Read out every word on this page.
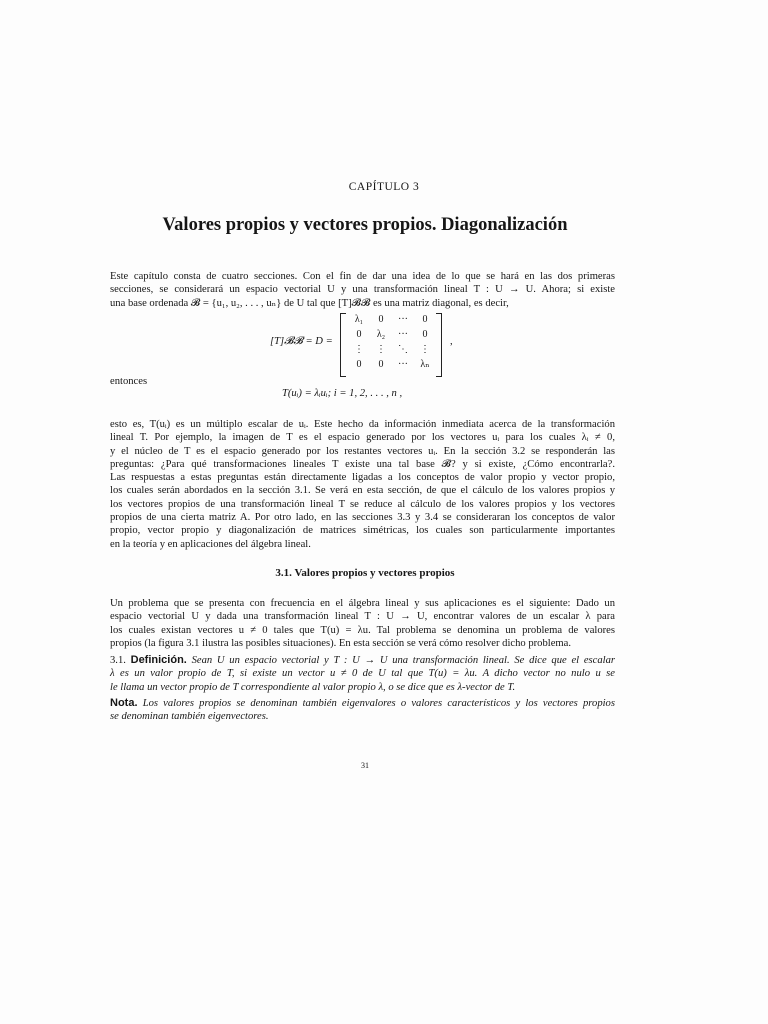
CAPÍTULO 3
Valores propios y vectores propios. Diagonalización
Este capítulo consta de cuatro secciones. Con el fin de dar una idea de lo que se hará en las dos primeras
secciones, se considerará un espacio vectorial U y una transformación lineal T : U → U. Ahora; si existe
una base ordenada 𝓑 = {u₁, u₂, . . . , uₙ} de U tal que [T]𝓑𝓑 es una matriz diagonal, es decir,
[T]𝓑𝓑 = D =
λ₁	0	···	0
0	λ₂	···	0
⋮	⋮	⋱	⋮
0	0	···	λₙ
,
entonces
T(uᵢ) = λᵢuᵢ; i = 1, 2, . . . , n ,
esto es, T(uᵢ) es un múltiplo escalar de uᵢ. Este hecho da información inmediata acerca de la transformación
lineal T. Por ejemplo, la imagen de T es el espacio generado por los vectores uᵢ para los cuales λᵢ ≠ 0,
y el núcleo de T es el espacio generado por los restantes vectores uᵢ. En la sección 3.2 se responderán las
preguntas: ¿Para qué transformaciones lineales T existe una tal base 𝓑? y si existe, ¿Cómo encontrarla?.
Las respuestas a estas preguntas están directamente ligadas a los conceptos de valor propio y vector propio,
los cuales serán abordados en la sección 3.1. Se verá en esta sección, de que el cálculo de los valores propios y
los vectores propios de una transformación lineal T se reduce al cálculo de los valores propios y los vectores
propios de una cierta matriz A. Por otro lado, en las secciones 3.3 y 3.4 se consideraran los conceptos de valor
propio, vector propio y diagonalización de matrices simétricas, los cuales son particularmente importantes
en la teoría y en aplicaciones del álgebra lineal.
3.1. Valores propios y vectores propios
Un problema que se presenta con frecuencia en el álgebra lineal y sus aplicaciones es el siguiente: Dado un
espacio vectorial U y dada una transformación lineal T : U → U, encontrar valores de un escalar λ para
los cuales existan vectores u ≠ 0 tales que T(u) = λu. Tal problema se denomina un problema de valores
propios (la figura 3.1 ilustra las posibles situaciones). En esta sección se verá cómo resolver dicho problema.
3.1. Definición. Sean U un espacio vectorial y T : U → U una transformación lineal. Se dice que el escalar
λ es un valor propio de T, si existe un vector u ≠ 0 de U tal que T(u) = λu. A dicho vector no nulo u se
le llama un vector propio de T correspondiente al valor propio λ, o se dice que es λ-vector de T.
Nota. Los valores propios se denominan también eigenvalores o valores característicos y los vectores propios
se denominan también eigenvectores.
31
